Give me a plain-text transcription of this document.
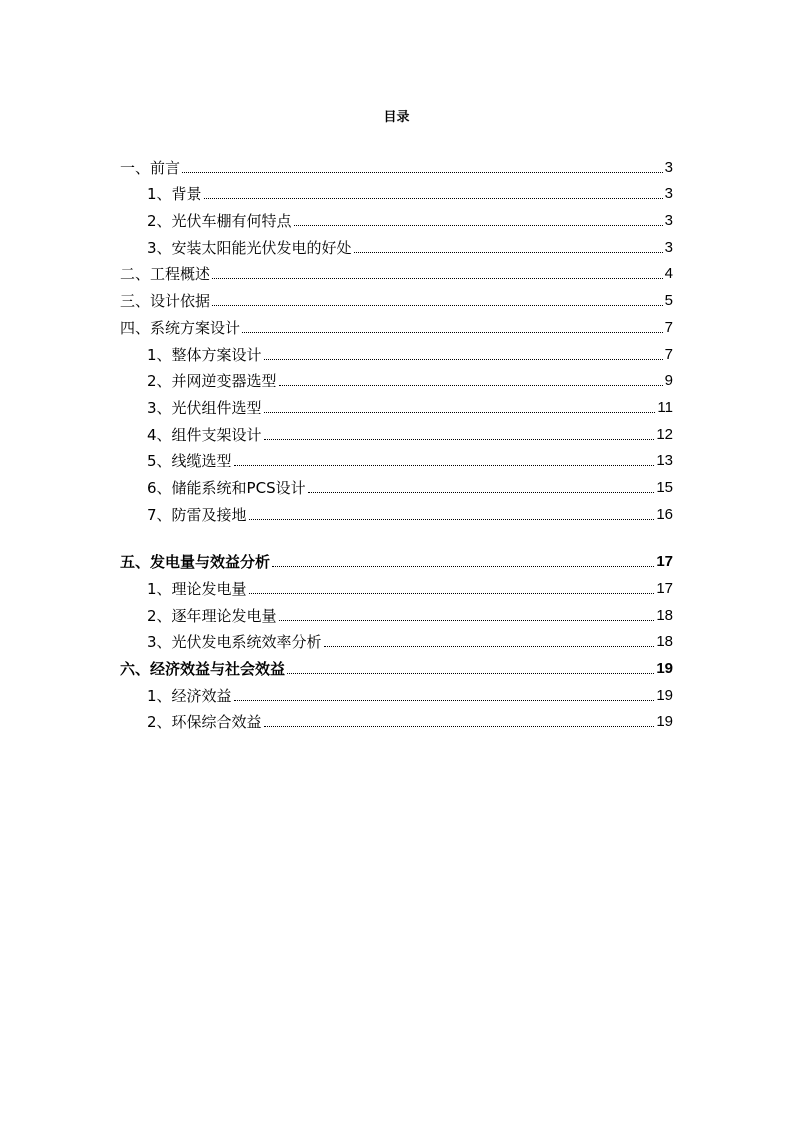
目录
一、前言	3
1、背景	3
2、光伏车棚有何特点	3
3、安装太阳能光伏发电的好处	3
二、工程概述	4
三、设计依据	5
四、系统方案设计	7
1、整体方案设计	7
2、并网逆变器选型	9
3、光伏组件选型	11
4、组件支架设计	12
5、线缆选型	13
6、储能系统和PCS设计	15
7、防雷及接地	16
五、发电量与效益分析	17
1、理论发电量	17
2、逐年理论发电量	18
3、光伏发电系统效率分析	18
六、经济效益与社会效益	19
1、经济效益	19
2、环保综合效益	19
